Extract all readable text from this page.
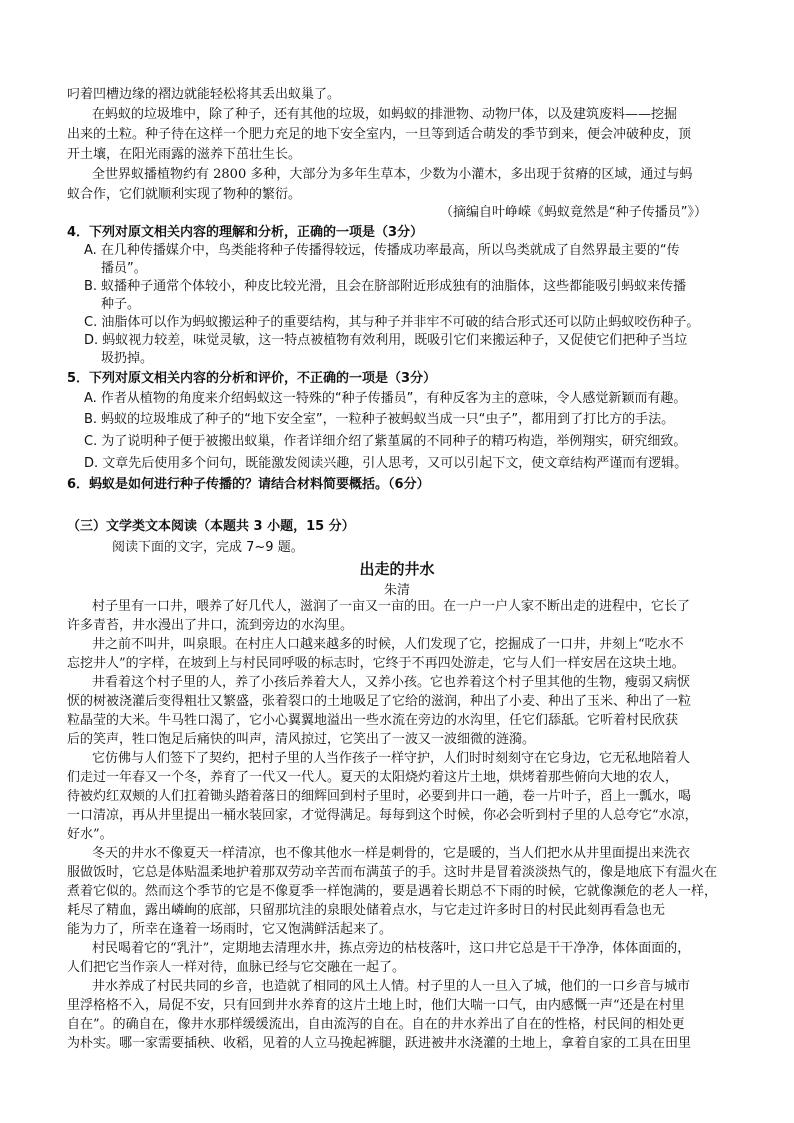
叼着凹槽边缘的褶边就能轻松将其丢出蚁巢了。
在蚂蚁的垃圾堆中，除了种子，还有其他的垃圾，如蚂蚁的排泄物、动物尸体，以及建筑废料——挖掘
出来的土粒。种子待在这样一个肥力充足的地下安全室内，一旦等到适合萌发的季节到来，便会冲破种皮，顶
开土壤，在阳光雨露的滋养下茁壮生长。
全世界蚁播植物约有 2800 多种，大部分为多年生草本，少数为小灌木，多出现于贫瘠的区域，通过与蚂
蚁合作，它们就顺利实现了物种的繁衍。
（摘编自叶峥嵘《蚂蚁竟然是“种子传播员”》）
4．下列对原文相关内容的理解和分析，正确的一项是（3分）
A. 在几种传播媒介中，鸟类能将种子传播得较远，传播成功率最高，所以鸟类就成了自然界最主要的“传
播员”。
B. 蚁播种子通常个体较小，种皮比较光滑，且会在脐部附近形成独有的油脂体，这些都能吸引蚂蚁来传播
种子。
C. 油脂体可以作为蚂蚁搬运种子的重要结构，其与种子并非牢不可破的结合形式还可以防止蚂蚁咬伤种子。
D. 蚂蚁视力较差，味觉灵敏，这一特点被植物有效利用，既吸引它们来搬运种子，又促使它们把种子当垃
圾扔掉。
5．下列对原文相关内容的分析和评价，不正确的一项是（3分）
A. 作者从植物的角度来介绍蚂蚁这一特殊的“种子传播员”，有种反客为主的意味，令人感觉新颖而有趣。
B. 蚂蚁的垃圾堆成了种子的“地下安全室”，一粒种子被蚂蚁当成一只“虫子”，都用到了打比方的手法。
C. 为了说明种子便于被搬出蚁巢，作者详细介绍了紫堇属的不同种子的精巧构造，举例翔实，研究细致。
D. 文章先后使用多个问句，既能激发阅读兴趣，引人思考，又可以引起下文，使文章结构严谨而有逻辑。
6．蚂蚁是如何进行种子传播的？请结合材料简要概括。（6分）
（三）文学类文本阅读（本题共 3 小题，15 分）
阅读下面的文字，完成 7~9 题。
出走的井水
朱清
村子里有一口井，喂养了好几代人，滋润了一亩又一亩的田。在一户一户人家不断出走的进程中，它长了
许多青苔，井水漫出了井口，流到旁边的水沟里。
井之前不叫井，叫泉眼。在村庄人口越来越多的时候，人们发现了它，挖掘成了一口井，井刻上“吃水不
忘挖井人”的字样，在坡到上与村民同呼吸的标志时，它终于不再四处游走，它与人们一样安居在这块土地。
井看着这个村子里的人，养了小孩后养着大人，又养小孩。它也养着这个村子里其他的生物，瘦弱又病恹
恹的树被浇灌后变得粗壮又繁盛，张着裂口的土地吸足了它给的滋润，种出了小麦、种出了玉米、种出了一粒
粒晶莹的大米。牛马牲口渴了，它小心翼翼地溢出一些水流在旁边的水沟里，任它们舔舐。它听着村民欣获
后的笑声，牲口饱足后痛快的叫声，清风掠过，它笑出了一波又一波细微的涟漪。
它仿佛与人们签下了契约，把村子里的人当作孩子一样守护，人们时时刻刻守在它身边，它无私地陪着人
们走过一年春又一个冬，养育了一代又一代人。夏天的太阳烧灼着这片土地，烘烤着那些俯向大地的农人，
待被灼红双颊的人们扛着锄头踏着落日的细辉回到村子里时，必要到井口一趟，卷一片叶子，舀上一瓢水，喝
一口清凉，再从井里提出一桶水装回家，才觉得满足。每每到这个时候，你必会听到村子里的人总夸它“水凉，
好水”。
冬天的井水不像夏天一样清凉，也不像其他水一样是刺骨的，它是暖的，当人们把水从井里面提出来洗衣
服做饭时，它总是体贴温柔地护着那双劳动辛苦而布满茧子的手。这时井是冒着淡淡热气的，像是地底下有温火在
煮着它似的。然而这个季节的它是不像夏季一样饱满的，要是遇着长期总不下雨的时候，它就像濒危的老人一样，
耗尽了精血，露出嶙峋的底部，只留那坑洼的泉眼处储着点水，与它走过许多时日的村民此刻再看急也无
能为力了，所幸在逢着一场雨时，它又饱满鲜活起来了。
村民喝着它的“乳汁”，定期地去清理水井，拣点旁边的枯枝落叶，这口井它总是干干净净，体体面面的，
人们把它当作亲人一样对待，血脉已经与它交融在一起了。
井水养成了村民共同的乡音，也造就了相同的风土人情。村子里的人一旦入了城，他们的一口乡音与城市
里浮格格不入，局促不安，只有回到井水养育的这片土地上时，他们大喘一口气，由内感慨一声“还是在村里
自在”。的确自在，像井水那样缓缓流出，自由流泻的自在。自在的井水养出了自在的性格，村民间的相处更
为朴实。哪一家需要插秧、收稻，见着的人立马挽起裤腿，跃进被井水浇灌的土地上，拿着自家的工具在田里
